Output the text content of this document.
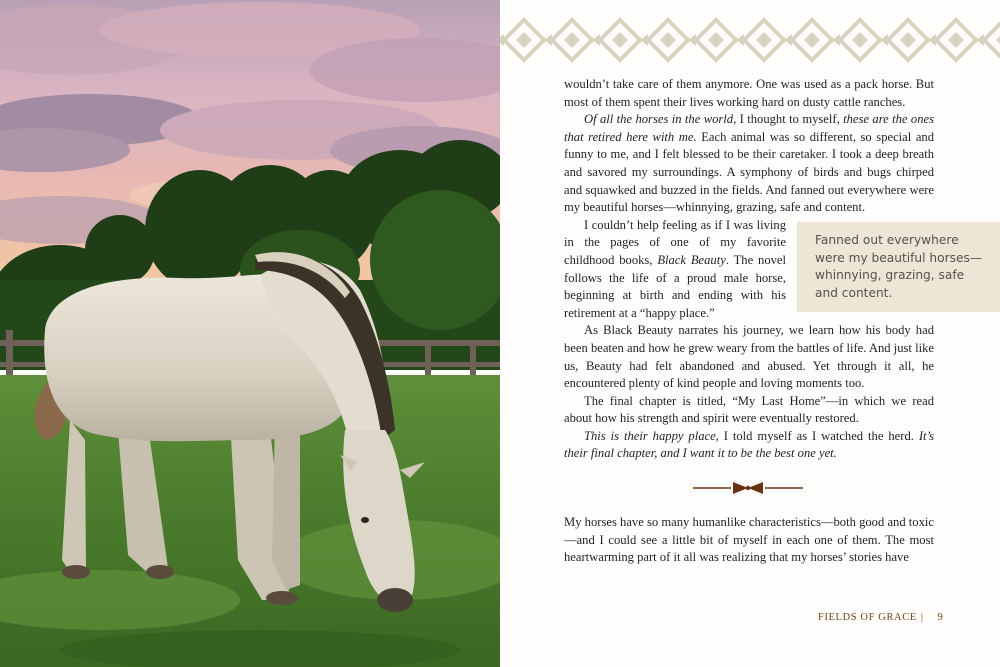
wouldn’t take care of them anymore. One was used as a pack horse. But most of them spent their lives working hard on dusty cattle ranches.

Of all the horses in the world, I thought to myself, these are the ones that retired here with me. Each animal was so different, so special and funny to me, and I felt blessed to be their caretaker. I took a deep breath and savored my surroundings. A symphony of birds and bugs chirped and squawked and buzzed in the fields. And fanned out everywhere were my beautiful horses—whinnying, grazing, safe and content.

I couldn’t help feeling as if I was living in the pages of one of my favorite childhood books, Black Beauty. The novel follows the life of a proud male horse, beginning at birth and ending with his retirement at a “happy place.”

As Black Beauty narrates his journey, we learn how his body had been beaten and how he grew weary from the battles of life. And just like us, Beauty had felt abandoned and abused. Yet through it all, he encountered plenty of kind people and loving moments too.

The final chapter is titled, “My Last Home”—in which we read about how his strength and spirit were eventually restored.

This is their happy place, I told myself as I watched the herd. It’s their final chapter, and I want it to be the best one yet.

Fanned out everywhere were my beautiful horses—whinnying, grazing, safe and content.

My horses have so many humanlike characteristics—both good and toxic—and I could see a little bit of myself in each one of them. The most heartwarming part of it all was realizing that my horses’ stories have

FIELDS OF GRACE | 9
